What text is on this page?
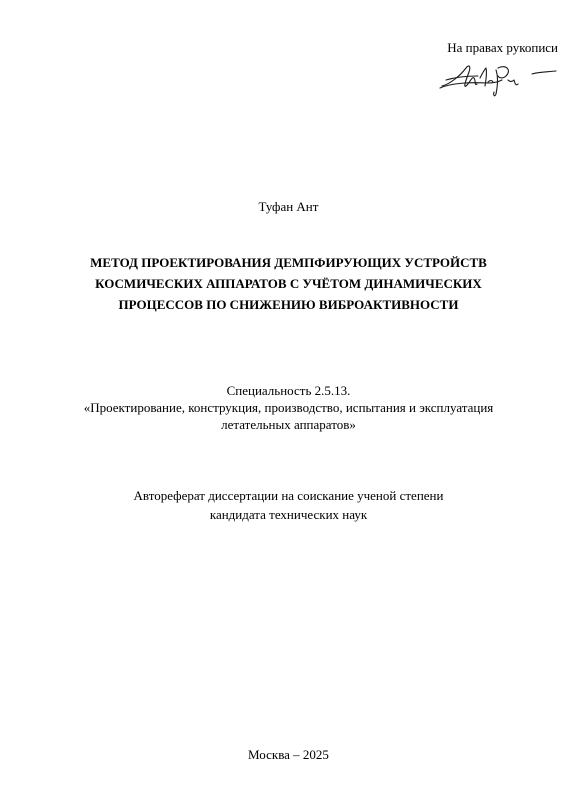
На правах рукописи
Туфан Ант
МЕТОД ПРОЕКТИРОВАНИЯ ДЕМПФИРУЮЩИХ УСТРОЙСТВ
КОСМИЧЕСКИХ АППАРАТОВ С УЧЁТОМ ДИНАМИЧЕСКИХ
ПРОЦЕССОВ ПО СНИЖЕНИЮ ВИБРОАКТИВНОСТИ
Специальность 2.5.13.
«Проектирование, конструкция, производство, испытания и эксплуатация
летательных аппаратов»
Автореферат диссертации на соискание ученой степени
кандидата технических наук
Москва – 2025
